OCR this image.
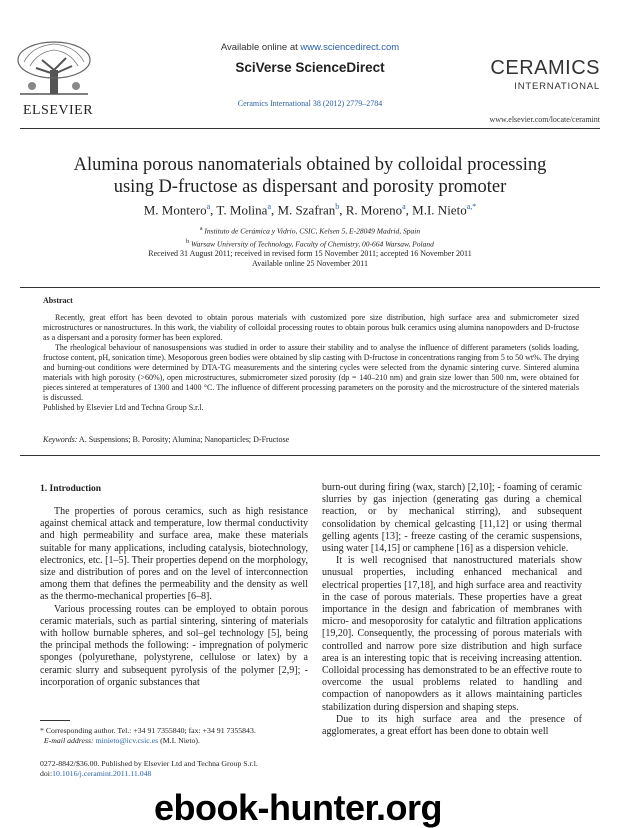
ELSEVIER
Available online at www.sciencedirect.com
SciVerse ScienceDirect
Ceramics International 38 (2012) 2779–2784
CERAMICS
INTERNATIONAL
www.elsevier.com/locate/ceramint
Alumina porous nanomaterials obtained by colloidal processing
using D-fructose as dispersant and porosity promoter
M. Montero$^a$, T. Molina$^a$, M. Szafran$^b$, R. Moreno$^a$, M.I. Nieto$^{a,*}$
$^a$ Instituto de Cerámica y Vidrio, CSIC, Kelsen 5, E-28049 Madrid, Spain
$^b$ Warsaw University of Technology, Faculty of Chemistry, 00-664 Warsaw, Poland
Received 31 August 2011; received in revised form 15 November 2011; accepted 16 November 2011
Available online 25 November 2011
Abstract

Recently, great effort has been devoted to obtain porous materials with customized pore size distribution, high surface area and submicrometer sized microstructures or nanostructures. In this work, the viability of colloidal processing routes to obtain porous bulk ceramics using alumina nanopowders and D-fructose as a dispersant and a porosity former has been explored.

The rheological behaviour of nanosuspensions was studied in order to assure their stability and to analyse the influence of different parameters (solids loading, fructose content, pH, sonication time). Mesoporous green bodies were obtained by slip casting with D-fructose in concentrations ranging from 5 to 50 wt%. The drying and burning-out conditions were determined by DTA-TG measurements and the sintering cycles were selected from the dynamic sintering curve. Sintered alumina materials with high porosity (>60%), open microstructures, submicrometer sized porosity (dp = 140–210 nm) and grain size lower than 500 nm, were obtained for pieces sintered at temperatures of 1300 and 1400 °C. The influence of different processing parameters on the porosity and the microstructure of the sintered materials is discussed.

Published by Elsevier Ltd and Techna Group S.r.l.

Keywords: A. Suspensions; B. Porosity; Alumina; Nanoparticles; D-Fructose
1. Introduction

The properties of porous ceramics, such as high resistance against chemical attack and temperature, low thermal conductivity and high permeability and surface area, make these materials suitable for many applications, including catalysis, biotechnology, electronics, etc. [1–5]. Their properties depend on the morphology, size and distribution of pores and on the level of interconnection among them that defines the permeability and the density as well as the thermo-mechanical properties [6–8].

Various processing routes can be employed to obtain porous ceramic materials, such as partial sintering, sintering of materials with hollow burnable spheres, and sol–gel technology [5], being the principal methods the following: - impregnation of polymeric sponges (polyurethane, polystyrene, cellulose or latex) by a ceramic slurry and subsequent pyrolysis of the polymer [2,9]; - incorporation of organic substances that

burn-out during firing (wax, starch) [2,10]; - foaming of ceramic slurries by gas injection (generating gas during a chemical reaction, or by mechanical stirring), and subsequent consolidation by chemical gelcasting [11,12] or using thermal gelling agents [13]; - freeze casting of the ceramic suspensions, using water [14,15] or camphene [16] as a dispersion vehicle.

It is well recognised that nanostructured materials show unusual properties, including enhanced mechanical and electrical properties [17,18], and high surface area and reactivity in the case of porous materials. These properties have a great importance in the design and fabrication of membranes with micro- and mesoporosity for catalytic and filtration applications [19,20]. Consequently, the processing of porous materials with controlled and narrow pore size distribution and high surface area is an interesting topic that is receiving increasing attention. Colloidal processing has demonstrated to be an effective route to overcome the usual problems related to handling and compaction of nanopowders as it allows maintaining particles stabilization during dispersion and shaping steps.

Due to its high surface area and the presence of agglomerates, a great effort has been done to obtain well

* Corresponding author. Tel.: +34 91 7355840; fax: +34 91 7355843.
E-mail address: minieto@icv.csic.es (M.I. Nieto).
0272-8842/$36.00. Published by Elsevier Ltd and Techna Group S.r.l.
doi:10.1016/j.ceramint.2011.11.048
ebook-hunter.org
